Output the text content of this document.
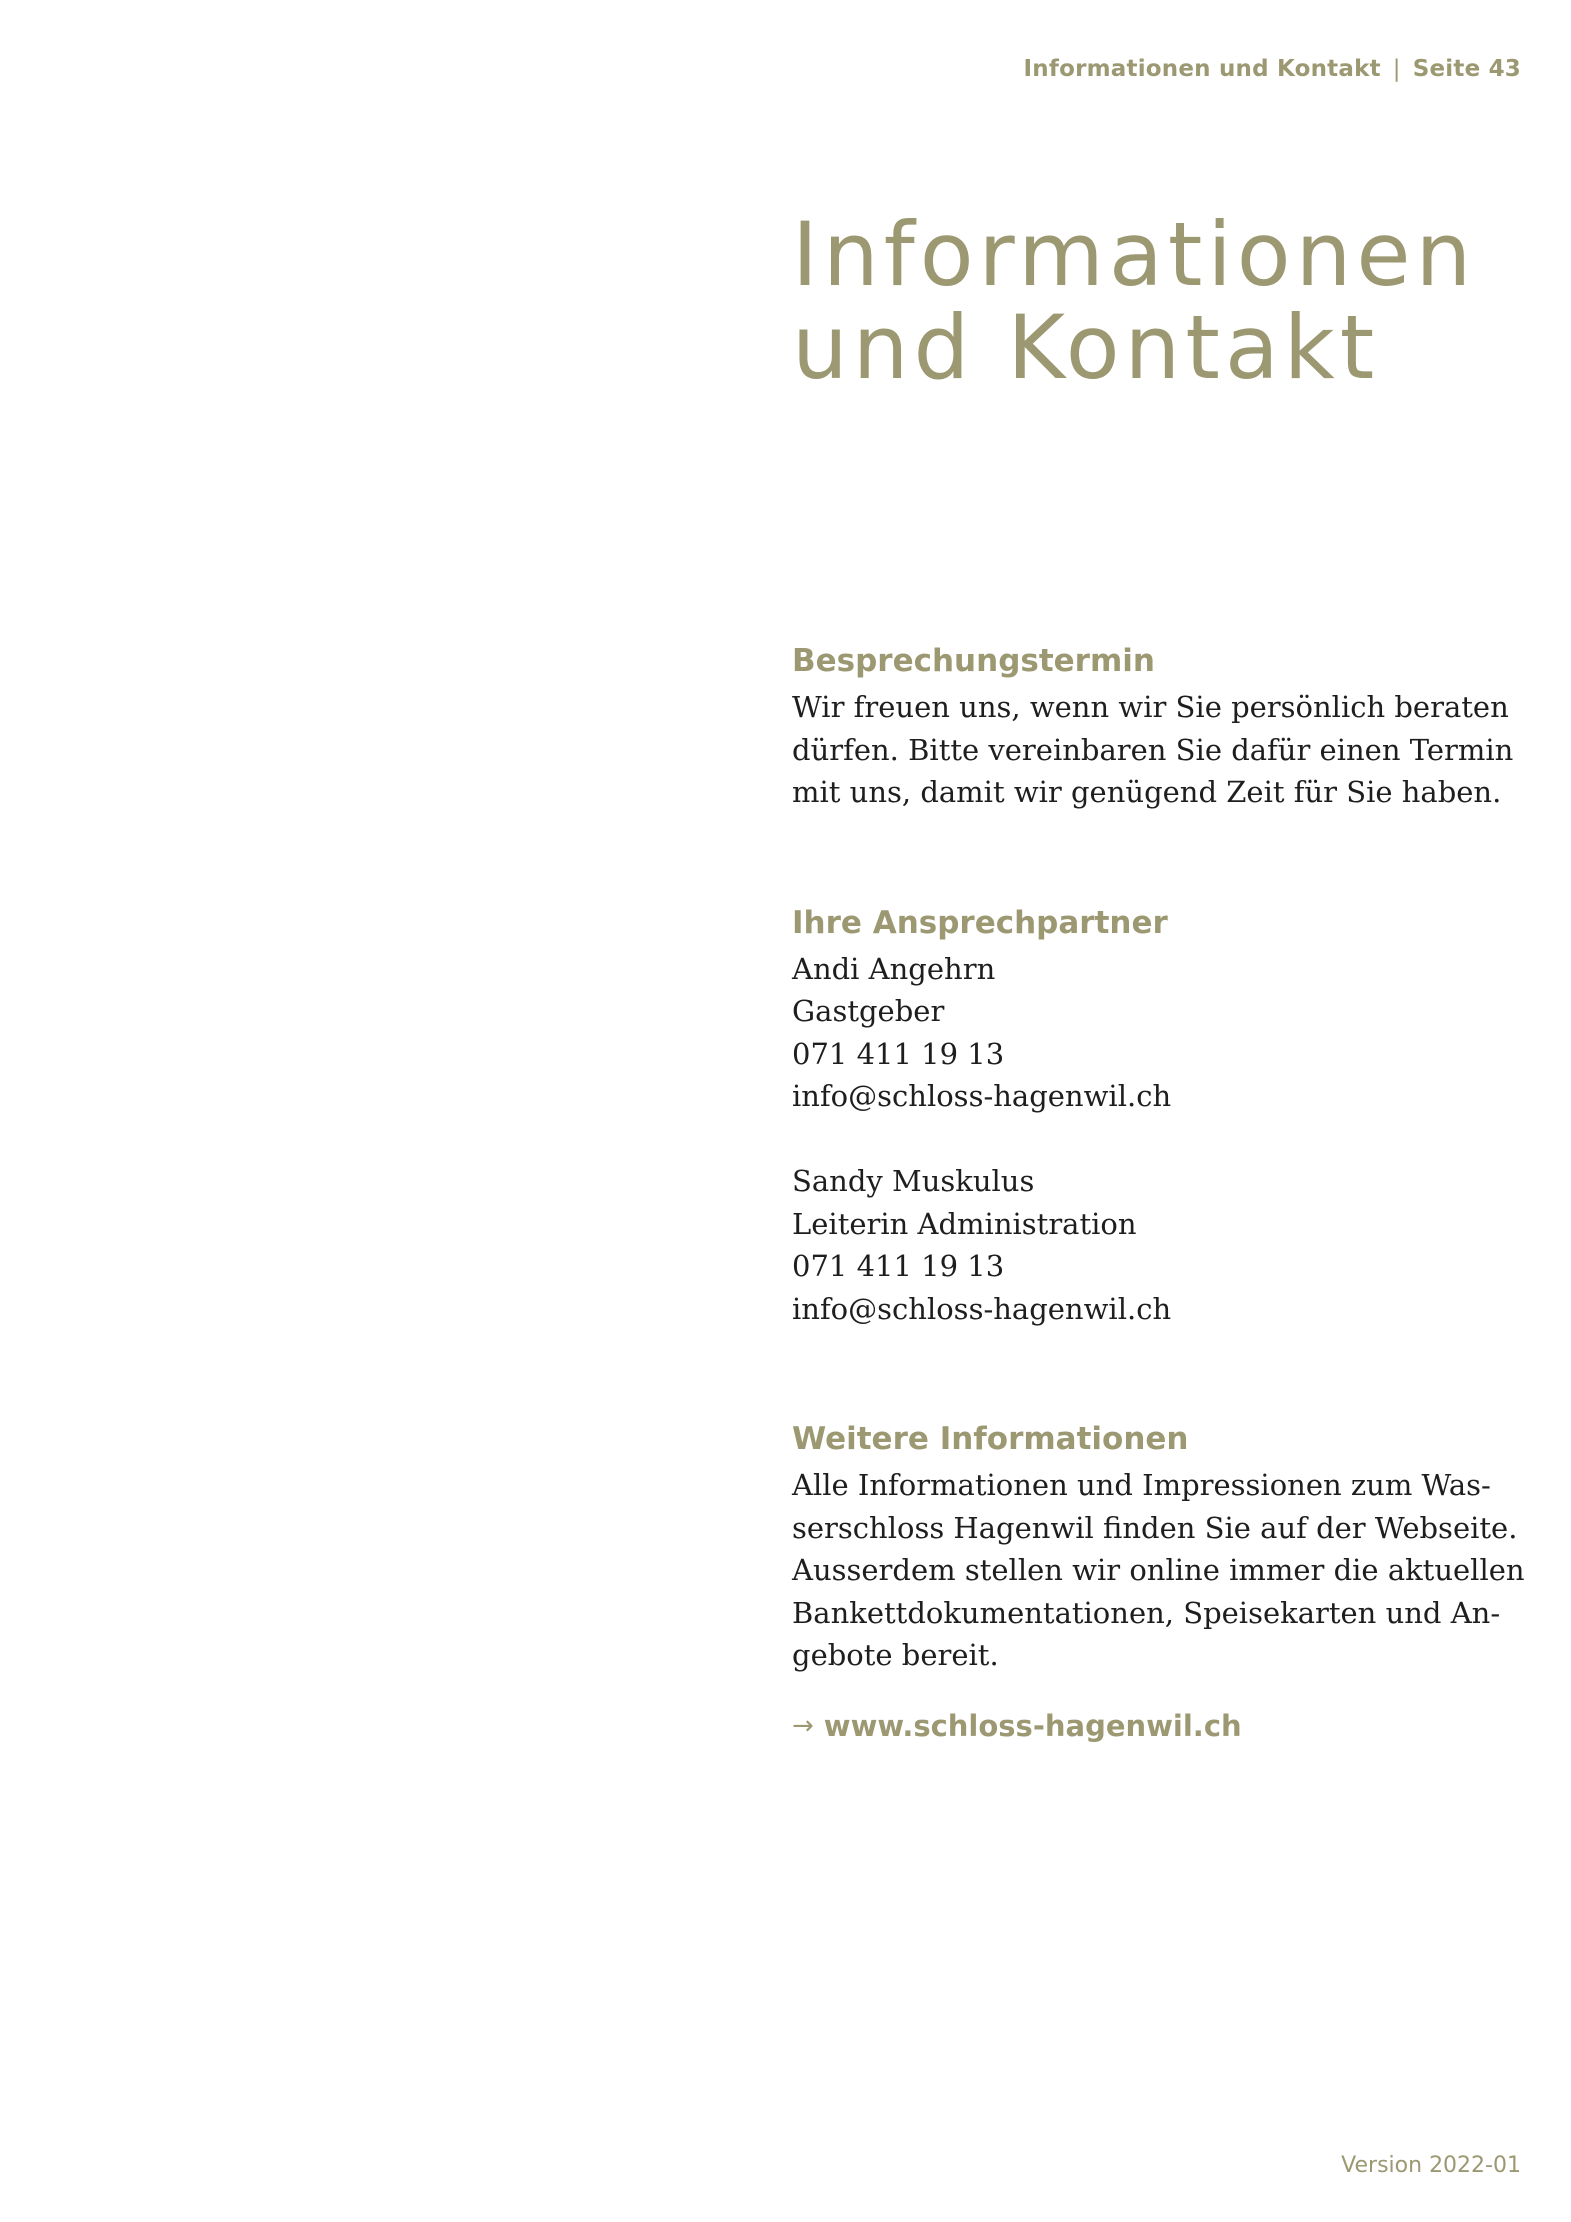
Informationen und Kontakt | Seite 43
Informationen
und Kontakt
Besprechungstermin

Wir freuen uns, wenn wir Sie persönlich beraten
dürfen. Bitte vereinbaren Sie dafür einen Termin
mit uns, damit wir genügend Zeit für Sie haben.

Ihre Ansprechpartner
Andi Angehrn
Gastgeber
071 411 19 13
info@schloss-hagenwil.ch
Sandy Muskulus
Leiterin Administration
071 411 19 13
info@schloss-hagenwil.ch
Weitere Informationen

Alle Informationen und Impressionen zum Was-
serschloss Hagenwil finden Sie auf der Webseite.
Ausserdem stellen wir online immer die aktuellen
Bankettdokumentationen, Speisekarten und An-
gebote bereit.

→ www.schloss-hagenwil.ch
Version 2022-01
